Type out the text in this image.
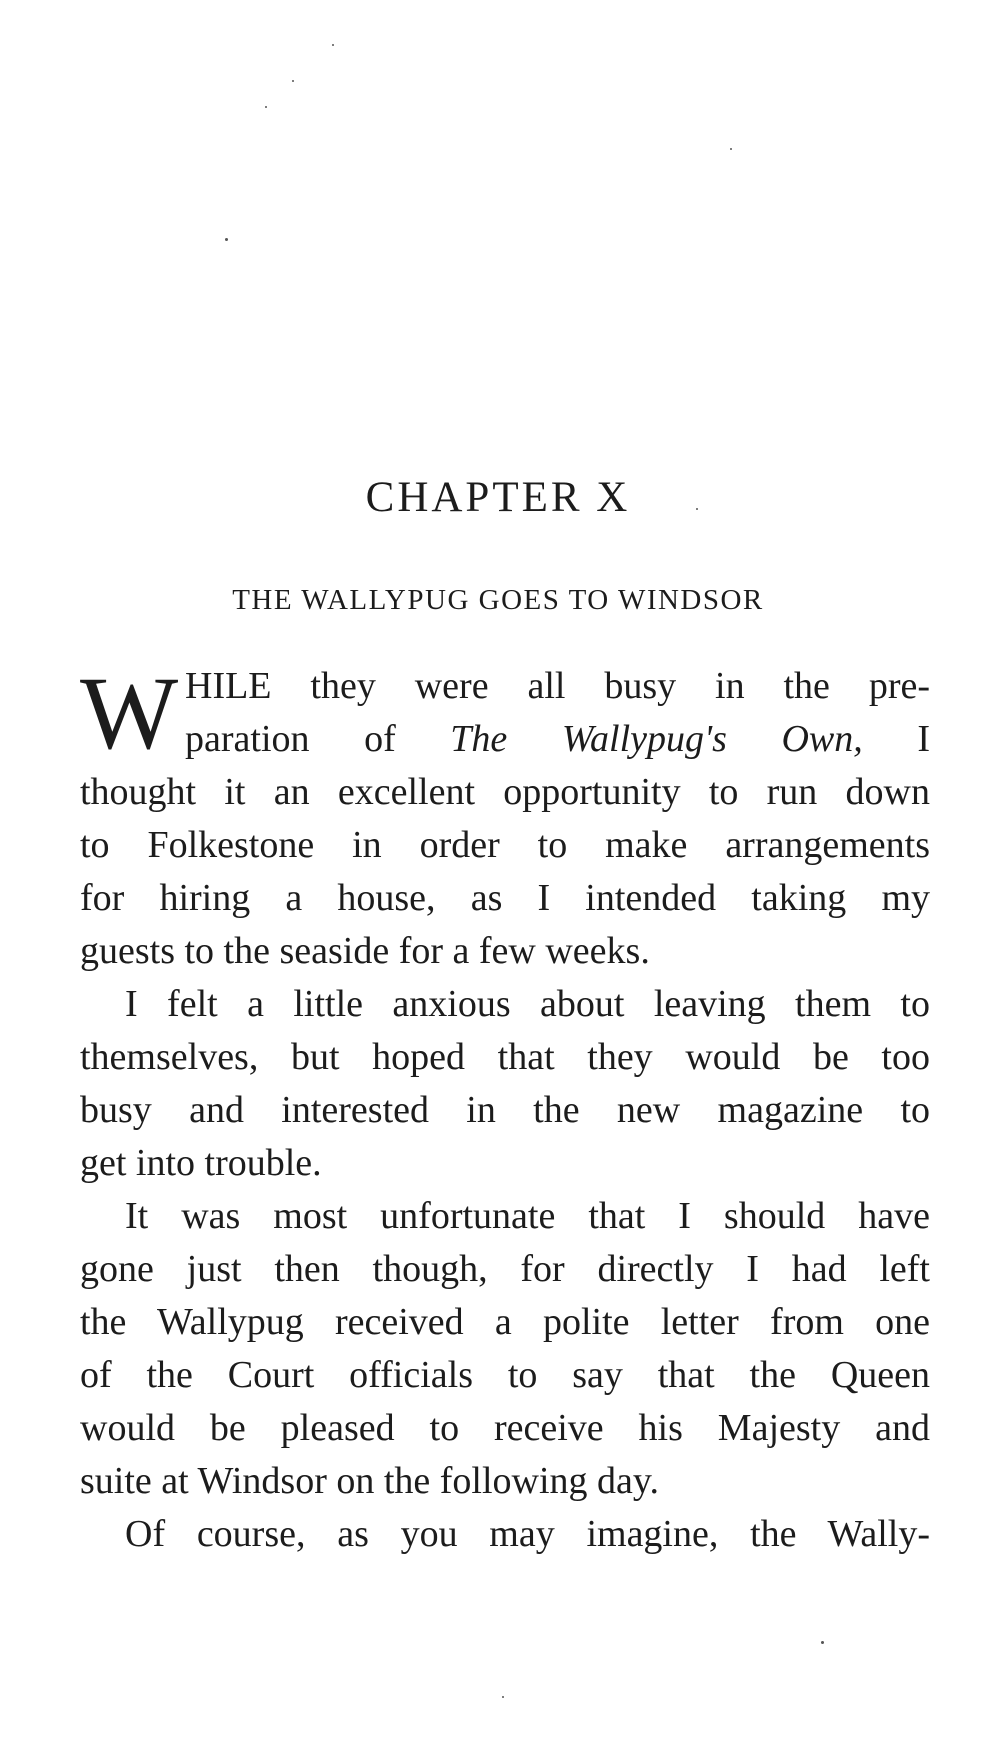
CHAPTER X
THE WALLYPUG GOES TO WINDSOR
W HILE they were all busy in the pre-
paration  of  The  Wallypug's  Own,  I
thought it an excellent opportunity to run down
to Folkestone in order to make arrangements
for hiring a house, as I intended taking my
guests to the seaside for a few weeks.
I felt a little anxious about leaving them to
themselves, but hoped that they would be too
busy and interested in the new magazine to
get into trouble.
It was most unfortunate that I should have
gone just then though, for directly I had left
the Wallypug received a polite letter from one
of the Court officials to say that the Queen
would be pleased to receive his Majesty and
suite at Windsor on the following day.
Of course, as you may imagine, the Wally-
